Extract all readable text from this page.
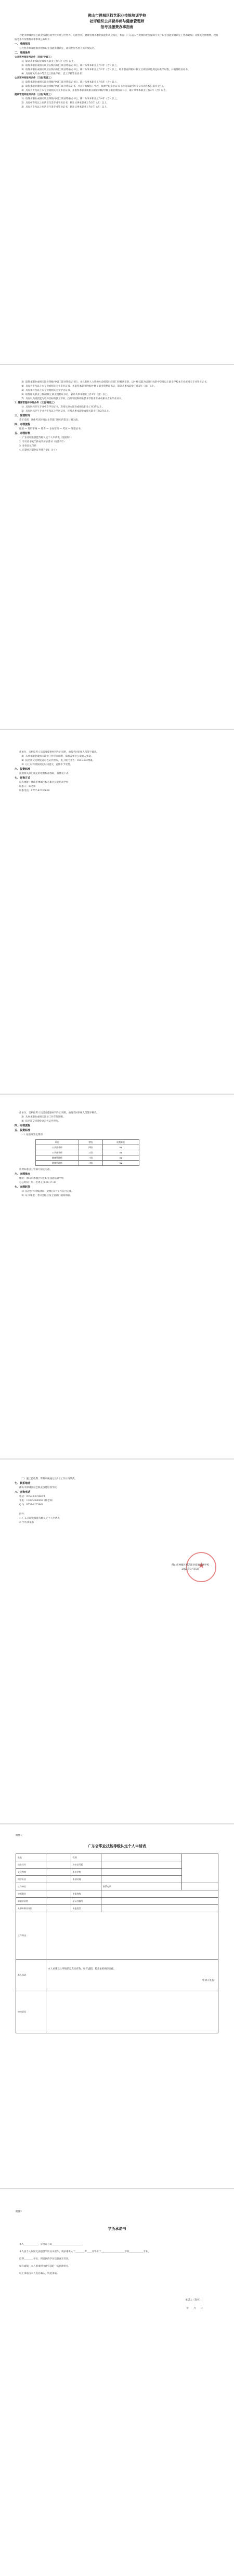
佛山市禅城区权艺职业技能培训学校
社评组织公共营养师与健康管理师
报考及缴费办事指南

合肥市禅城区权艺职业技能培训学校开展公共营养、心理咨询、健康管理等职业技能培训及鉴定，根据《广东省人力资源和社会保障厅关于职业技能等级认定工作的通知》及相关文件精神，现将报考条件及缴费办事事项公布如下：

一、受理范围

公共营养师及健康管理师职业技能等级认定，面向社会各类人员开放报名。

二、受理条件

公共营养师报考条件（四级/中级工）

（1）累计从事本职业或相关职业工作4年（含）以上。

（2）取得本职业或相关职业五级/初级工职业资格证书后，累计从事本职业工作3年（含）以上。

（3）取得本职业或相关职业五级/初级工职业资格证书后，累计从事本职业工作2年（含）以上，经本职业四级/中级工正规培训达规定标准学时数，并取得结业证书。

（4）具有相关专业中等及以上职业学校、技工学校毕业证书。

公共营养师报考条件（三级/高级工）

（1）取得本职业或相关职业四级/中级工职业资格证书后，累计从事本职业工作5年（含）以上。

（2）取得本职业或相关职业四级/中级工职业资格证书，并具有高级技工学校、技师学院毕业证书（含尚未取得毕业证书的在校应届毕业生）。

（3）具有大专及以上本专业或相关专业毕业证书，并取得本职业或相关职业四级/中级工职业资格证书后，累计从事本职业工作2年（含）以上。

健康管理师报考条件（三级/高级工）

（1）取得本职业或相关职业四级/中级工职业资格证书后，累计从事本职业工作4年（含）以上。

（2）具有中等及以上医药卫生类专业学历证书，累计从事本职业工作3年（含）以上。

（3）具有大专及以上医药卫生类专业毕业证书，累计从事本职业工作1年（含）以上。

（3）取得本职业或相关职业四级/中级工职业资格证书后，并具有经人力资源社会保障行政部门审核认定的、以中级技能为培养目标的中等及以上职业学校本专业或相关专业毕业证书。

（4）具有大专及以上本专业或相关专业毕业证书，并取得本职业四级/中级工职业资格证书后，累计从事本职业工作2年（含）以上。

（5）具有本科及以上本专业或相关专业学历证书。

（6）取得相关职业三级/高级工职业资格证书后，累计从事本职业工作1年（含）以上。

（7）具有以高级技能为培养目标的技工学校、技师学院和职业技术学院本专业或相关专业毕业证书。

2. 健康管理师申报条件（三级/高级工）

（1）具有医药卫生专业中专学历证书，连续从事本职业或相关职业工作3年以上。

（2）具有医药卫生专业大专及以上学历证书，连续从事本职业或相关职业工作2年以上。

三、受理时间

常年受理，具体考试时间以主管部门发布的鉴定计划为准。

四、办理流程

报名 — 资料审核 — 缴费 — 参加培训 — 考试 — 领取证书。

五、办理材料

1. 广东省职业技能等级认定个人申请表（见附件1）

2. 学历证书复印件或学历承诺书（见附件2）

3. 身份证复印件

4. 近期免冠彩色证件照片2张（1寸）

作单位，否则报考人员需要提供材料作出说明，由报名时审核人员签字确认。

（3）从事本职业或相关职业工作年限证明，需加盖单位公章或人事章。

（4）报名需交近期免冠彩色证件照片，电子版尺寸为：354×472像素。

（5）以上材料需按规定时间提交，逾期不予受理。

六、收费标准

按照相关部门核定的收费标准收取，具体见下表：

七、咨询方式

报名地址：佛山市禅城区权艺职业技能培训学校

联系人：陈老师

联系电话：0757-82736619

作单位，否则报考人员需要提供材料作出说明，由报名时审核人员签字确认。

（3）从事本职业或相关职业工作年限证明。

（4）报名需交近期免冠彩色证件照片。

四、办理流程
五、收费标准

（一）报名及鉴定费用

项目	等级	收费标准
公共营养师	四级	¥¥
公共营养师	三级	¥¥
健康管理师	三级	¥¥
健康管理师	二级	¥¥

收费标准以主管部门核定为准。

六、办理地点

地址：佛山市禅城区权艺职业技能培训学校

办公时间：周一至周五 9:00-17:30

七、办理时限

（1）报名材料审核时限：受理后3个工作日内完成。

（2）证书领取：考试合格后按主管部门通知领取。

（二）施工验收期：资料审核通过后3个工作日内缴费。

七、联系地址

佛山市禅城区权艺职业技能培训学校

八、咨询电话

电话：0757-82736619

手机：13825000000（陈老师）

Q Q：0757-8273661

附件：

1. 广东省职业技能等级认定个人申请表

2. 学历承诺书

★
佛山市禅城区权艺职业技能培训学校
2023年9月15日
附件1
广东省职业技能等级认定个人申请表
姓名		性别		
出生年月		身份证号码		
文化程度		毕业学校		
所学专业		毕业时间		
工作单位			联系电话	
申报职业		申报等级		
原职业资格		原证书编号		
从事本职业年限		申报类型		
工作简历				
本人承诺	本人承诺以上所填信息真实有效，如有虚假，愿意承担相应责任。
申请人签名：			

审核意见				
附件2
学历承诺书

本人＿＿＿＿＿＿，身份证号码＿＿＿＿＿＿＿＿＿＿＿＿＿，

本人因个人原因无法提供学历证书原件，现承诺本人于＿＿＿＿年＿＿月毕业于＿＿＿＿＿＿＿＿＿＿学校＿＿＿＿＿＿专业，

取得＿＿＿＿学历，所提供的学历信息真实有效。

如有虚假，本人愿承担由此引起的一切法律责任。

以上承诺由本人签名确认，特此承诺。

承诺人（签名）：
年　　月　　日
